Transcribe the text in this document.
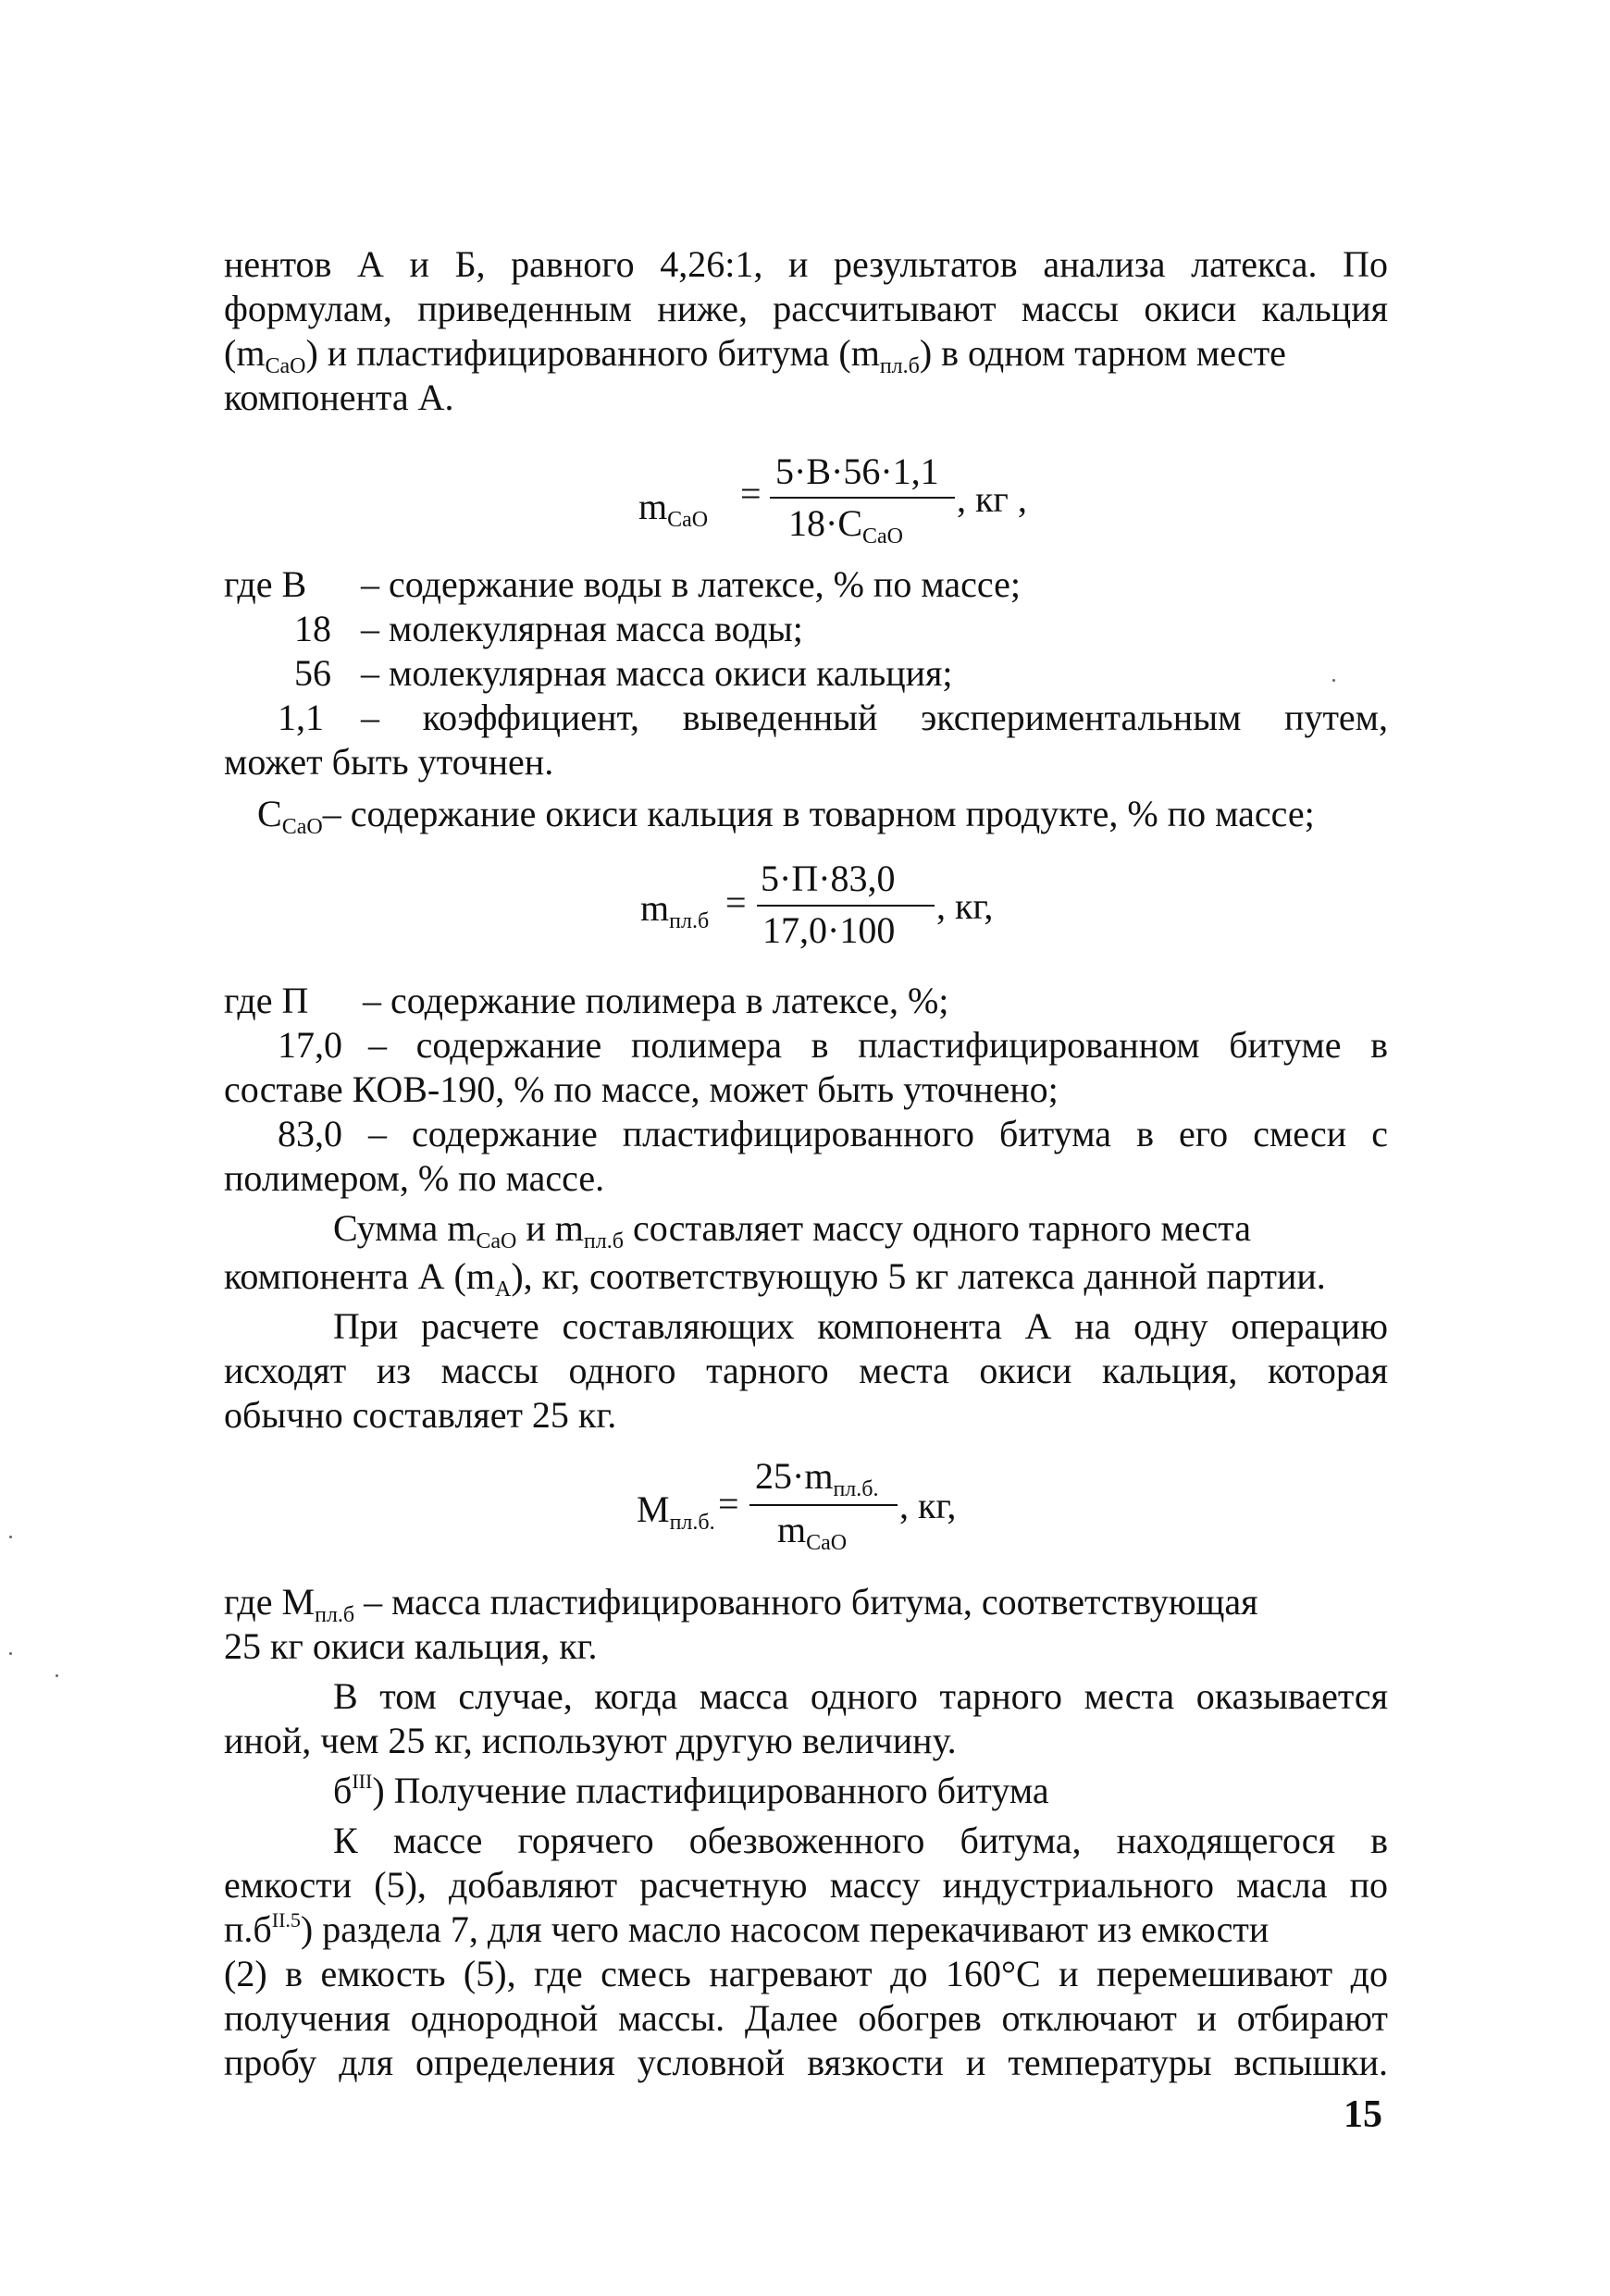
нентов А и Б, равного 4,26:1, и результатов анализа латекса. По
формулам, приведенным ниже, рассчитывают массы окиси кальция
$(m_{CaO})$ и пластифицированного битума $(m_{пл.б})$ в одном тарном месте
компонента А.
$m_{CaO}$
=
5·В·56·1,1
$18\cdot C_{CaO}$
, кг ,
где В – содержание воды в латексе, % по массе;
18 – молекулярная масса воды;
56 – молекулярная масса окиси кальция;
1,1 – коэффициент, выведенный экспериментальным путем,
может быть уточнен.
$C_{CaO}-$ содержание окиси кальция в товарном продукте, % по массе;
$m_{пл.б}$ =
5·П·83,0
17,0·100
, кг,
где П – содержание полимера в латексе, %;
17,0 – содержание полимера в пластифицированном битуме в
составе КОВ-190, % по массе, может быть уточнено;
83,0 – содержание пластифицированного битума в его смеси с
полимером, % по массе.
Сумма $m_{CaO}$ и $m_{пл.б}$ составляет массу одного тарного места
компонента А $(m_A)$, кг, соответствующую 5 кг латекса данной партии.
При расчете составляющих компонента А на одну операцию
исходят из массы одного тарного места окиси кальция, которая
обычно составляет 25 кг.
$M_{пл.б.}$ =
$25\cdot m_{пл.б.}$
$m_{CaO}$
, кг,
где $M_{пл.б}$ – масса пластифицированного битума, соответствующая
25 кг окиси кальция, кг.
В том случае, когда масса одного тарного места оказывается
иной, чем 25 кг, используют другую величину.
$б^{III}$) Получение пластифицированного битума
К массе горячего обезвоженного битума, находящегося в
емкости (5), добавляют расчетную массу индустриального масла по
$п.б^{II.5}$) раздела 7, для чего масло насосом перекачивают из емкости
(2) в емкость (5), где смесь нагревают до 160°С и перемешивают до
получения однородной массы. Далее обогрев отключают и отбирают
пробу для определения условной вязкости и температуры вспышки.
15
